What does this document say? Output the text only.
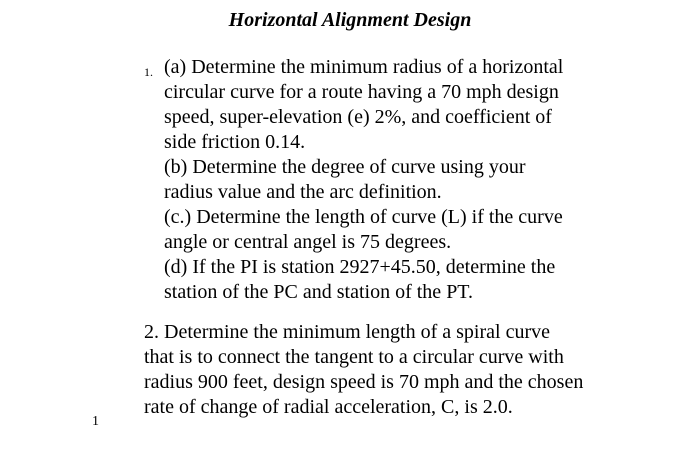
Horizontal Alignment Design
1. (a) Determine the minimum radius of a horizontal
circular curve for a route having a 70 mph design
speed, super-elevation (e) 2%, and coefficient of
side friction 0.14.
(b) Determine the degree of curve using your
radius value and the arc definition.
(c.) Determine the length of curve (L) if the curve
angle or central angel is 75 degrees.
(d) If the PI is station 2927+45.50, determine the
station of the PC and station of the PT.
2. Determine the minimum length of a spiral curve
that is to connect the tangent to a circular curve with
radius 900 feet, design speed is 70 mph and the chosen
rate of change of radial acceleration, C, is 2.0.
1
